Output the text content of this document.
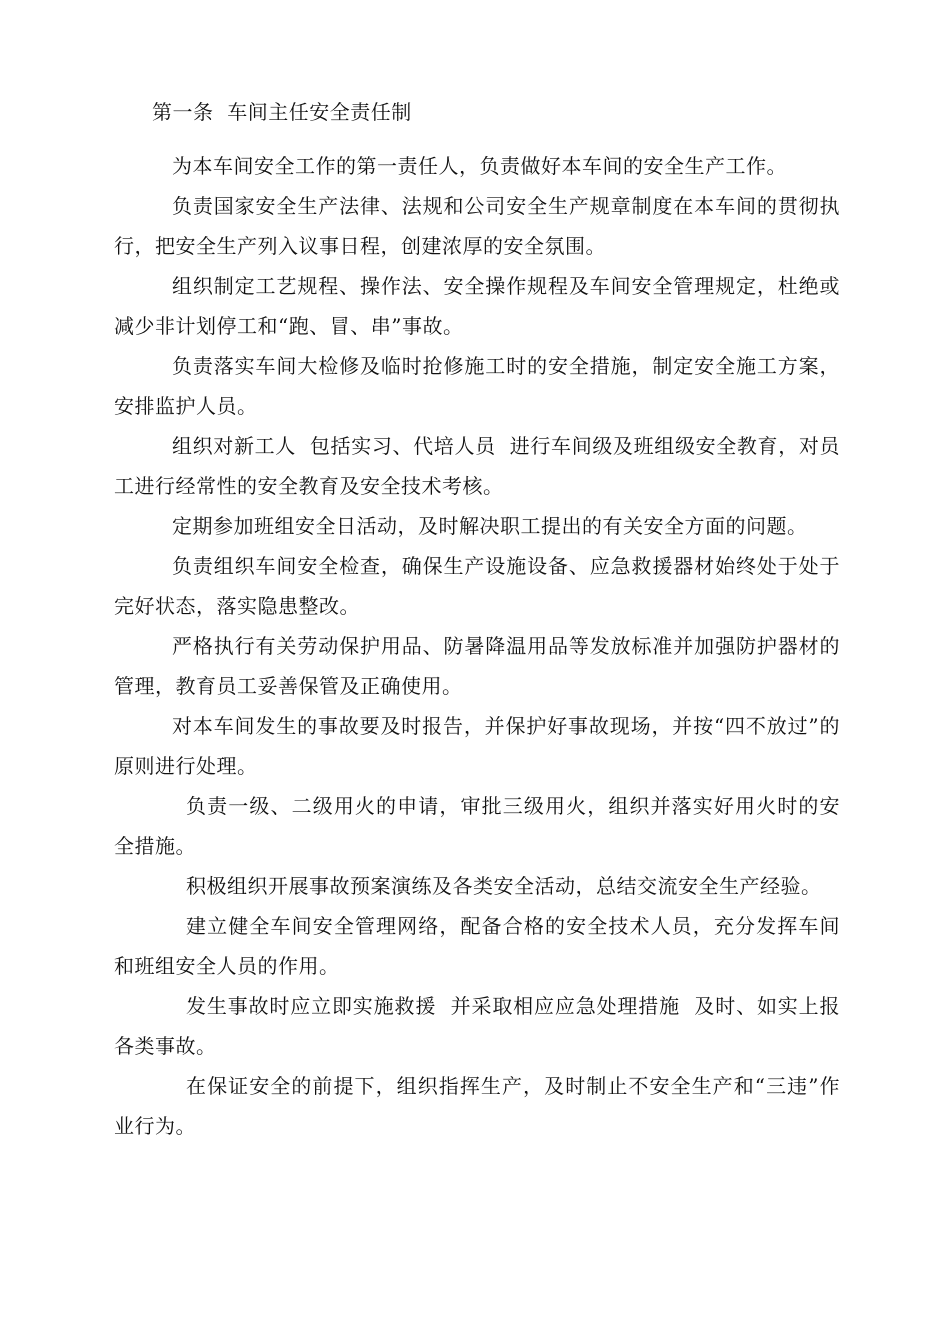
第一条  车间主任安全责任制

为本车间安全工作的第一责任人，负责做好本车间的安全生产工作。

负责国家安全生产法律、法规和公司安全生产规章制度在本车间的贯彻执行，把安全生产列入议事日程，创建浓厚的安全氛围。

组织制定工艺规程、操作法、安全操作规程及车间安全管理规定，杜绝或减少非计划停工和“跑、冒、串”事故。

负责落实车间大检修及临时抢修施工时的安全措施，制定安全施工方案，安排监护人员。

组织对新工人  包括实习、代培人员  进行车间级及班组级安全教育，对员工进行经常性的安全教育及安全技术考核。

定期参加班组安全日活动，及时解决职工提出的有关安全方面的问题。

负责组织车间安全检查，确保生产设施设备、应急救援器材始终处于处于完好状态，落实隐患整改。

严格执行有关劳动保护用品、防暑降温用品等发放标准并加强防护器材的管理，教育员工妥善保管及正确使用。

对本车间发生的事故要及时报告，并保护好事故现场，并按“四不放过”的原则进行处理。

负责一级、二级用火的申请，审批三级用火，组织并落实好用火时的安全措施。

积极组织开展事故预案演练及各类安全活动，总结交流安全生产经验。

建立健全车间安全管理网络，配备合格的安全技术人员，充分发挥车间和班组安全人员的作用。

发生事故时应立即实施救援  并采取相应应急处理措施  及时、如实上报各类事故。

在保证安全的前提下，组织指挥生产，及时制止不安全生产和“三违”作业行为。
